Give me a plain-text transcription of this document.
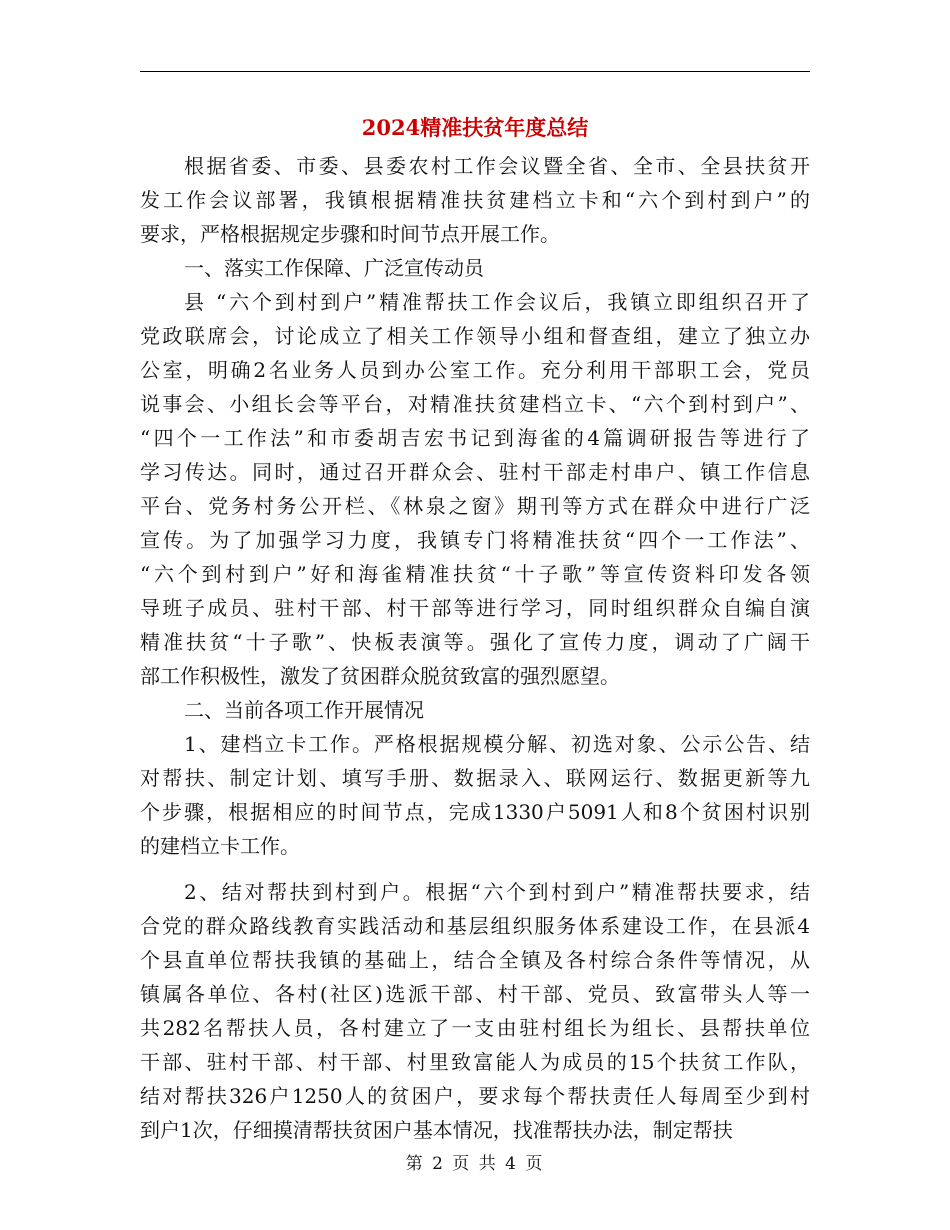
2024精准扶贫年度总结
根据省委、市委、县委农村工作会议暨全省、全市、全县扶贫开
发工作会议部署，我镇根据精准扶贫建档立卡和“六个到村到户”的
要求，严格根据规定步骤和时间节点开展工作。
一、落实工作保障、广泛宣传动员
县 “六个到村到户”精准帮扶工作会议后，我镇立即组织召开了
党政联席会，讨论成立了相关工作领导小组和督查组，建立了独立办
公室，明确2名业务人员到办公室工作。充分利用干部职工会，党员
说事会、小组长会等平台，对精准扶贫建档立卡、“六个到村到户”、
“四个一工作法”和市委胡吉宏书记到海雀的4篇调研报告等进行了
学习传达。同时，通过召开群众会、驻村干部走村串户、镇工作信息
平台、党务村务公开栏、《林泉之窗》期刊等方式在群众中进行广泛
宣传。为了加强学习力度，我镇专门将精准扶贫“四个一工作法”、
“六个到村到户”好和海雀精准扶贫“十子歌”等宣传资料印发各领
导班子成员、驻村干部、村干部等进行学习，同时组织群众自编自演
精准扶贫“十子歌”、快板表演等。强化了宣传力度，调动了广阔干
部工作积极性，激发了贫困群众脱贫致富的强烈愿望。
二、当前各项工作开展情况
1、建档立卡工作。严格根据规模分解、初选对象、公示公告、结
对帮扶、制定计划、填写手册、数据录入、联网运行、数据更新等九
个步骤，根据相应的时间节点，完成1330户5091人和8个贫困村识别
的建档立卡工作。
2、结对帮扶到村到户。根据“六个到村到户”精准帮扶要求，结
合党的群众路线教育实践活动和基层组织服务体系建设工作，在县派4
个县直单位帮扶我镇的基础上，结合全镇及各村综合条件等情况，从
镇属各单位、各村(社区)选派干部、村干部、党员、致富带头人等一
共282名帮扶人员，各村建立了一支由驻村组长为组长、县帮扶单位
干部、驻村干部、村干部、村里致富能人为成员的15个扶贫工作队，
结对帮扶326户1250人的贫困户，要求每个帮扶责任人每周至少到村
到户1次，仔细摸清帮扶贫困户基本情况，找准帮扶办法，制定帮扶
第 2 页 共 4 页
